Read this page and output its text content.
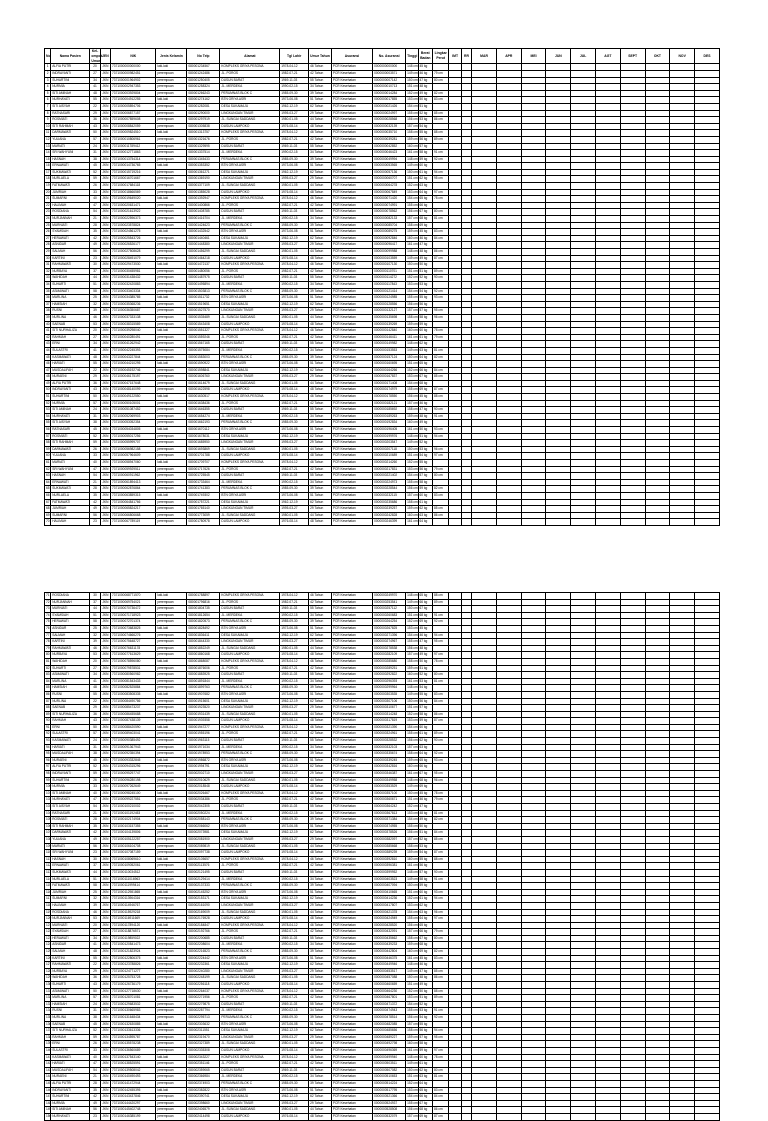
No	Nama Pasien	Kelompok Umur	JEN	NIK	Jenis Kelamin	No Telp	Alamat	Tgl Lahir	Umur Tahun	Asuransi	No. Asuransi	Tinggi	Berat Badan	Lingkar Perut	IMT	RR	MAR	APR	MEI	JUN	JUL	AGT	SEPT	OKT	NOV	DES
1	ALFIA PUTRI	20	JKN	7371000000000000	laki-laki	080001234567	KOMPLEKS GRIYA PESONA	1978-04-12	46 Tahun	PCR Kesehatan	0000000000000	148 cm	45 kg													
2	INDRAYANTI	27	JKN	7371000000982451	perempuan	080001242486	JL. POROS	1982-07-21	42 Tahun	PCR Kesehatan	0000000003571	149 cm	46 kg	79 cm												
3	SUHARTINI	34	JKN	7371000001964902	perempuan	080001250405	DUSUN BARAT	1969-11-03	55 Tahun	PCR Kesehatan	0000000007142	150 cm	47 kg	80 cm												
4	NURMIA	41	JKN	7371000002947353	perempuan	080001258324	JL. MERDEKA	1990-02-15	34 Tahun	PCR Kesehatan	0000000010713	151 cm	48 kg													
5	SITI AMINAH	48	JKN	7371000003929804	perempuan	080001266243	PERUMNAS BLOK C	1985-09-30	39 Tahun	PCR Kesehatan	0000000014284	152 cm	49 kg	82 cm												
6	NURHAYATI	55	JKN	7371000004912255	laki-laki	080001274162	BTN GRIYA ASRI	1973-06-08	51 Tahun	PCR Kesehatan	0000000017855	153 cm	50 kg	83 cm												
7	SITI AISYAH	22	JKN	7371000005894706	perempuan	080001282081	DESA SUKAMAJU	1962-12-19	62 Tahun	PCR Kesehatan	0000000021426	154 cm	51 kg													
8	RATNASARI	29	JKN	7371000006877157	perempuan	080001290000	LINGKUNGAN TIMUR	1995-03-27	29 Tahun	PCR Kesehatan	0000000024997	155 cm	52 kg	85 cm												
9	ROSMIATI	36	JKN	7371000007859608	perempuan	080001297919	JL. SUNGAI SADDANG	1980-01-05	44 Tahun	PCR Kesehatan	0000000028568	156 cm	53 kg	86 cm												
10	SITI RAHMAH	43	JKN	7371000008842059	perempuan	080001305838	DUSUN LAMPOKO	1976-08-14	48 Tahun	PCR Kesehatan	0000000032139	157 cm	54 kg													
11	DARMAWATI	50	JKN	7371000009824510	laki-laki	080001313757	KOMPLEKS GRIYA PESONA	1978-04-12	46 Tahun	PCR Kesehatan	0000000035710	158 cm	55 kg	88 cm												
12	YULIANA	57	JKN	7371000010806961	perempuan	080001321676	JL. POROS	1982-07-21	42 Tahun	PCR Kesehatan	0000000039281	159 cm	56 kg	89 cm												
13	MARIATI	24	JKN	7371000011789412	perempuan	080001329595	DUSUN BARAT	1969-11-03	55 Tahun	PCR Kesehatan	0000000042852	160 cm	57 kg													
14	SRI WAHYUNI	31	JKN	7371000012771863	perempuan	080001337514	JL. MERDEKA	1990-02-15	34 Tahun	PCR Kesehatan	0000000046423	161 cm	58 kg	91 cm												
15	HASNAH	38	JKN	7371000013754314	perempuan	080001345433	PERUMNAS BLOK C	1985-09-30	39 Tahun	PCR Kesehatan	0000000049994	148 cm	59 kg	92 cm												
16	ERNAWATI	45	JKN	7371000014736765	laki-laki	080001353352	BTN GRIYA ASRI	1973-06-08	51 Tahun	PCR Kesehatan	0000000053565	149 cm	60 kg													
17	SUKMAWATI	52	JKN	7371000015719216	perempuan	080001361271	DESA SUKAMAJU	1962-12-19	62 Tahun	PCR Kesehatan	0000000057136	150 cm	61 kg	94 cm												
18	NURLAELA	59	JKN	7371000016701667	perempuan	080001369190	LINGKUNGAN TIMUR	1995-03-27	29 Tahun	PCR Kesehatan	0000000060707	151 cm	62 kg	95 cm												
19	FATMAWATI	26	JKN	7371000017684118	perempuan	080001377109	JL. SUNGAI SADDANG	1980-01-05	44 Tahun	PCR Kesehatan	0000000064278	152 cm	63 kg													
20	JUMRIAH	33	JKN	7371000018666569	perempuan	080001385028	DUSUN LAMPOKO	1976-08-14	48 Tahun	PCR Kesehatan	0000000067849	153 cm	64 kg	97 cm												
21	SUMARNI	40	JKN	7371000019649020	laki-laki	080001392947	KOMPLEKS GRIYA PESONA	1978-04-12	46 Tahun	PCR Kesehatan	0000000071420	154 cm	65 kg	78 cm												
22	HALIMAH	47	JKN	7371000020631471	perempuan	080001400866	JL. POROS	1982-07-21	42 Tahun	PCR Kesehatan	0000000074991	155 cm	66 kg													
23	ROSDIANA	54	JKN	7371000021613922	perempuan	080001408785	DUSUN BARAT	1969-11-03	55 Tahun	PCR Kesehatan	0000000078562	156 cm	67 kg	80 cm												
24	NURJANNAH	21	JKN	7371000022596373	perempuan	080001416704	JL. MERDEKA	1990-02-15	34 Tahun	PCR Kesehatan	0000000082133	157 cm	68 kg	81 cm												
25	MURNIATI	28	JKN	7371000023578824	perempuan	080001424623	PERUMNAS BLOK C	1985-09-30	39 Tahun	PCR Kesehatan	0000000085704	158 cm	69 kg													
26	SYAMSIAH	35	JKN	7371000024561275	laki-laki	080001432542	BTN GRIYA ASRI	1973-06-08	51 Tahun	PCR Kesehatan	0000000089275	159 cm	45 kg	83 cm												
27	HERAWATI	42	JKN	7371000025543726	perempuan	080001440461	DESA SUKAMAJU	1962-12-19	62 Tahun	PCR Kesehatan	0000000092846	160 cm	46 kg	84 cm												
28	ASNIDAR	49	JKN	7371000026526177	perempuan	080001448380	LINGKUNGAN TIMUR	1995-03-27	29 Tahun	PCR Kesehatan	0000000096417	161 cm	47 kg													
29	SALMAH	56	JKN	7371000027508628	perempuan	080001456299	JL. SUNGAI SADDANG	1980-01-05	44 Tahun	PCR Kesehatan	0000000099988	148 cm	48 kg	86 cm												
30	KARTINI	23	JKN	7371000028491079	perempuan	080001464218	DUSUN LAMPOKO	1976-08-14	48 Tahun	PCR Kesehatan	0000000103559	149 cm	49 kg	87 cm												
31	RAHMAWATI	30	JKN	7371000029473530	laki-laki	080001472137	KOMPLEKS GRIYA PESONA	1978-04-12	46 Tahun	PCR Kesehatan	0000000107130	150 cm	50 kg													
32	NURBAYA	37	JKN	7371000030455981	perempuan	080001480056	JL. POROS	1982-07-21	42 Tahun	PCR Kesehatan	0000000110701	151 cm	51 kg	89 cm												
33	WAHIDAH	44	JKN	7371000031438432	perempuan	080001487975	DUSUN BARAT	1969-11-03	55 Tahun	PCR Kesehatan	0000000114272	152 cm	52 kg	90 cm												
34	SUHARTI	51	JKN	7371000032420883	perempuan	080001495894	JL. MERDEKA	1990-02-15	34 Tahun	PCR Kesehatan	0000000117843	153 cm	53 kg													
35	ASMAWATI	58	JKN	7371000033403334	perempuan	080001503813	PERUMNAS BLOK C	1985-09-30	39 Tahun	PCR Kesehatan	0000000121414	154 cm	54 kg	92 cm												
36	MARLINA	25	JKN	7371000034385785	laki-laki	080001511732	BTN GRIYA ASRI	1973-06-08	51 Tahun	PCR Kesehatan	0000000124985	155 cm	55 kg	93 cm												
37	HAMSIAH	32	JKN	7371000035368236	perempuan	080001519651	DESA SUKAMAJU	1962-12-19	62 Tahun	PCR Kesehatan	0000000128556	156 cm	56 kg													
38	RUSNI	39	JKN	7371000036350687	perempuan	080001527570	LINGKUNGAN TIMUR	1995-03-27	29 Tahun	PCR Kesehatan	0000000132127	157 cm	57 kg	95 cm												
39	NURLINA	46	JKN	7371000037333138	perempuan	080001535489	JL. SUNGAI SADDANG	1980-01-05	44 Tahun	PCR Kesehatan	0000000135698	158 cm	58 kg	96 cm												
40	SAENAB	53	JKN	7371000038315589	perempuan	080001543408	DUSUN LAMPOKO	1976-08-14	48 Tahun	PCR Kesehatan	0000000139269	159 cm	59 kg													
41	SITI NURHALIZA	20	JKN	7371000039298040	laki-laki	080001551327	KOMPLEKS GRIYA PESONA	1978-04-12	46 Tahun	PCR Kesehatan	0000000142840	160 cm	60 kg	78 cm												
42	RAHMAH	27	JKN	7371000040280491	perempuan	080001559246	JL. POROS	1982-07-21	42 Tahun	PCR Kesehatan	0000000146411	161 cm	61 kg	79 cm												
43	ERNI	34	JKN	7371000041262942	perempuan	080001567165	DUSUN BARAT	1969-11-03	55 Tahun	PCR Kesehatan	0000000149982	148 cm	62 kg													
44	SULASTRI	41	JKN	7371000042245393	perempuan	080001575084	JL. MERDEKA	1990-02-15	34 Tahun	PCR Kesehatan	0000000153553	149 cm	63 kg	81 cm												
45	KASMAWATI	48	JKN	7371000043227844	perempuan	080001583003	PERUMNAS BLOK C	1985-09-30	39 Tahun	PCR Kesehatan	0000000157124	150 cm	64 kg	82 cm												
46	HARIATI	55	JKN	7371000044210295	laki-laki	080001590922	BTN GRIYA ASRI	1973-06-08	51 Tahun	PCR Kesehatan	0000000160695	151 cm	65 kg													
47	MUSDALIFAH	22	JKN	7371000045192746	perempuan	080001598841	DESA SUKAMAJU	1962-12-19	62 Tahun	PCR Kesehatan	0000000164266	152 cm	66 kg	84 cm												
48	NURAENI	29	JKN	7371000046175197	perempuan	080001606760	LINGKUNGAN TIMUR	1995-03-27	29 Tahun	PCR Kesehatan	0000000167837	153 cm	67 kg	85 cm												
49	ALFIA PUTRI	36	JKN	7371000047157648	perempuan	080001614679	JL. SUNGAI SADDANG	1980-01-05	44 Tahun	PCR Kesehatan	0000000171408	154 cm	68 kg													
50	INDRAYANTI	43	JKN	7371000048140099	perempuan	080001622598	DUSUN LAMPOKO	1976-08-14	48 Tahun	PCR Kesehatan	0000000174979	155 cm	69 kg	87 cm												
51	SUHARTINI	50	JKN	7371000049122550	laki-laki	080001630517	KOMPLEKS GRIYA PESONA	1978-04-12	46 Tahun	PCR Kesehatan	0000000178550	156 cm	45 kg	88 cm												
52	NURMIA	57	JKN	7371000050105001	perempuan	080001638436	JL. POROS	1982-07-21	42 Tahun	PCR Kesehatan	0000000182121	157 cm	46 kg													
53	SITI AMINAH	24	JKN	7371000051087452	perempuan	080001646355	DUSUN BARAT	1969-11-03	55 Tahun	PCR Kesehatan	0000000185692	158 cm	47 kg	90 cm												
54	NURHAYATI	31	JKN	7371000052069903	perempuan	080001654274	JL. MERDEKA	1990-02-15	34 Tahun	PCR Kesehatan	0000000189263	159 cm	48 kg	91 cm												
55	SITI AISYAH	38	JKN	7371000053052354	perempuan	080001662193	PERUMNAS BLOK C	1985-09-30	39 Tahun	PCR Kesehatan	0000000192834	160 cm	49 kg													
56	RATNASARI	45	JKN	7371000054034805	laki-laki	080001670112	BTN GRIYA ASRI	1973-06-08	51 Tahun	PCR Kesehatan	0000000196405	161 cm	50 kg	93 cm												
57	ROSMIATI	52	JKN	7371000055017256	perempuan	080001678031	DESA SUKAMAJU	1962-12-19	62 Tahun	PCR Kesehatan	0000000199976	148 cm	51 kg	94 cm												
58	SITI RAHMAH	59	JKN	7371000055999707	perempuan	080001685950	LINGKUNGAN TIMUR	1995-03-27	29 Tahun	PCR Kesehatan	0000000203547	149 cm	52 kg													
59	DARMAWATI	26	JKN	7371000056982158	perempuan	080001693869	JL. SUNGAI SADDANG	1980-01-05	44 Tahun	PCR Kesehatan	0000000207118	150 cm	53 kg	96 cm												
60	YULIANA	33	JKN	7371000057964609	perempuan	080001701788	DUSUN LAMPOKO	1976-08-14	48 Tahun	PCR Kesehatan	0000000210689	151 cm	54 kg	97 cm												
61	MARIATI	40	JKN	7371000058947060	laki-laki	080001709707	KOMPLEKS GRIYA PESONA	1978-04-12	46 Tahun	PCR Kesehatan	0000000214260	152 cm	55 kg													
62	SRI WAHYUNI	47	JKN	7371000059929511	perempuan	080001717626	JL. POROS	1982-07-21	42 Tahun	PCR Kesehatan	0000000217831	153 cm	56 kg	79 cm												
63	HASNAH	54	JKN	7371000060911962	perempuan	080001725545	DUSUN BARAT	1969-11-03	55 Tahun	PCR Kesehatan	0000000221402	154 cm	57 kg	80 cm												
64	ERNAWATI	21	JKN	7371000061894413	perempuan	080001733464	JL. MERDEKA	1990-02-15	34 Tahun	PCR Kesehatan	0000000224973	155 cm	58 kg													
65	SUKMAWATI	28	JKN	7371000062876864	perempuan	080001741383	PERUMNAS BLOK C	1985-09-30	39 Tahun	PCR Kesehatan	0000000228544	156 cm	59 kg	82 cm												
66	NURLAELA	35	JKN	7371000063859315	laki-laki	080001749302	BTN GRIYA ASRI	1973-06-08	51 Tahun	PCR Kesehatan	0000000232115	157 cm	60 kg	83 cm												
67	FATMAWATI	42	JKN	7371000064841766	perempuan	080001757221	DESA SUKAMAJU	1962-12-19	62 Tahun	PCR Kesehatan	0000000235686	158 cm	61 kg													
68	JUMRIAH	49	JKN	7371000065824217	perempuan	080001765140	LINGKUNGAN TIMUR	1995-03-27	29 Tahun	PCR Kesehatan	0000000239257	159 cm	62 kg	85 cm												
69	SUMARNI	56	JKN	7371000066806668	perempuan	080001773059	JL. SUNGAI SADDANG	1980-01-05	44 Tahun	PCR Kesehatan	0000000242828	160 cm	63 kg	86 cm												
70	HALIMAH	23	JKN	7371000067789119	perempuan	080001780978	DUSUN LAMPOKO	1976-08-14	48 Tahun	PCR Kesehatan	0000000246399	161 cm	64 kg													
71	ROSDIANA	30	JKN	7371000068771570	laki-laki	080001788897	KOMPLEKS GRIYA PESONA	1978-04-12	46 Tahun	PCR Kesehatan	0000000249970	148 cm	65 kg	88 cm												
72	NURJANNAH	37	JKN	7371000069754021	perempuan	080001796816	JL. POROS	1982-07-21	42 Tahun	PCR Kesehatan	0000000253541	149 cm	66 kg	89 cm												
73	MURNIATI	44	JKN	7371000070736472	perempuan	080001804735	DUSUN BARAT	1969-11-03	55 Tahun	PCR Kesehatan	0000000257112	150 cm	67 kg													
74	SYAMSIAH	51	JKN	7371000071718923	perempuan	080001812654	JL. MERDEKA	1990-02-15	34 Tahun	PCR Kesehatan	0000000260683	151 cm	68 kg	91 cm												
75	HERAWATI	58	JKN	7371000072701374	perempuan	080001820573	PERUMNAS BLOK C	1985-09-30	39 Tahun	PCR Kesehatan	0000000264254	152 cm	69 kg	92 cm												
76	ASNIDAR	25	JKN	7371000073683825	laki-laki	080001828492	BTN GRIYA ASRI	1973-06-08	51 Tahun	PCR Kesehatan	0000000267825	153 cm	45 kg													
77	SALMAH	32	JKN	7371000074666276	perempuan	080001836411	DESA SUKAMAJU	1962-12-19	62 Tahun	PCR Kesehatan	0000000271396	154 cm	46 kg	94 cm												
78	KARTINI	39	JKN	7371000075648727	perempuan	080001844330	LINGKUNGAN TIMUR	1995-03-27	29 Tahun	PCR Kesehatan	0000000274967	155 cm	47 kg	95 cm												
79	RAHMAWATI	46	JKN	7371000076631178	perempuan	080001852249	JL. SUNGAI SADDANG	1980-01-05	44 Tahun	PCR Kesehatan	0000000278538	156 cm	48 kg													
80	NURBAYA	53	JKN	7371000077613629	perempuan	080001860168	DUSUN LAMPOKO	1976-08-14	48 Tahun	PCR Kesehatan	0000000282109	157 cm	49 kg	97 cm												
81	WAHIDAH	20	JKN	7371000078596080	laki-laki	080001868087	KOMPLEKS GRIYA PESONA	1978-04-12	46 Tahun	PCR Kesehatan	0000000285680	158 cm	50 kg	78 cm												
82	SUHARTI	27	JKN	7371000079578531	perempuan	080001876006	JL. POROS	1982-07-21	42 Tahun	PCR Kesehatan	0000000289251	159 cm	51 kg													
83	ASMAWATI	34	JKN	7371000080560982	perempuan	080001883925	DUSUN BARAT	1969-11-03	55 Tahun	PCR Kesehatan	0000000292822	160 cm	52 kg	80 cm												
84	MARLINA	41	JKN	7371000081543433	perempuan	080001891844	JL. MERDEKA	1990-02-15	34 Tahun	PCR Kesehatan	0000000296393	161 cm	53 kg	81 cm												
85	HAMSIAH	48	JKN	7371000082525884	perempuan	080001899763	PERUMNAS BLOK C	1985-09-30	39 Tahun	PCR Kesehatan	0000000299964	148 cm	54 kg													
86	RUSNI	55	JKN	7371000083508335	laki-laki	080001907682	BTN GRIYA ASRI	1973-06-08	51 Tahun	PCR Kesehatan	0000000303535	149 cm	55 kg	83 cm												
87	NURLINA	22	JKN	7371000084490786	perempuan	080001915601	DESA SUKAMAJU	1962-12-19	62 Tahun	PCR Kesehatan	0000000307106	150 cm	56 kg	84 cm												
88	SAENAB	29	JKN	7371000085473237	perempuan	080001923520	LINGKUNGAN TIMUR	1995-03-27	29 Tahun	PCR Kesehatan	0000000310677	151 cm	57 kg													
89	SITI NURHALIZA	36	JKN	7371000086455688	perempuan	080001931439	JL. SUNGAI SADDANG	1980-01-05	44 Tahun	PCR Kesehatan	0000000314248	152 cm	58 kg	86 cm												
90	RAHMAH	43	JKN	7371000087438139	perempuan	080001939358	DUSUN LAMPOKO	1976-08-14	48 Tahun	PCR Kesehatan	0000000317819	153 cm	59 kg	87 cm												
91	ERNI	50	JKN	7371000088420590	laki-laki	080001947277	KOMPLEKS GRIYA PESONA	1978-04-12	46 Tahun	PCR Kesehatan	0000000321390	154 cm	60 kg													
92	SULASTRI	57	JKN	7371000089403041	perempuan	080001955196	JL. POROS	1982-07-21	42 Tahun	PCR Kesehatan	0000000324961	155 cm	61 kg	89 cm												
93	KASMAWATI	24	JKN	7371000090385492	perempuan	080001963115	DUSUN BARAT	1969-11-03	55 Tahun	PCR Kesehatan	0000000328532	156 cm	62 kg	90 cm												
94	HARIATI	31	JKN	7371000091367943	perempuan	080001971034	JL. MERDEKA	1990-02-15	34 Tahun	PCR Kesehatan	0000000332103	157 cm	63 kg													
95	MUSDALIFAH	38	JKN	7371000092350394	perempuan	080001978953	PERUMNAS BLOK C	1985-09-30	39 Tahun	PCR Kesehatan	0000000335674	158 cm	64 kg	92 cm												
96	NURAENI	45	JKN	7371000093332845	laki-laki	080001986872	BTN GRIYA ASRI	1973-06-08	51 Tahun	PCR Kesehatan	0000000339245	159 cm	65 kg	93 cm												
97	ALFIA PUTRI	52	JKN	7371000094315296	perempuan	080001994791	DESA SUKAMAJU	1962-12-19	62 Tahun	PCR Kesehatan	0000000342816	160 cm	66 kg													
98	INDRAYANTI	59	JKN	7371000095297747	perempuan	080002002710	LINGKUNGAN TIMUR	1995-03-27	29 Tahun	PCR Kesehatan	0000000346387	161 cm	67 kg	95 cm												
99	SUHARTINI	26	JKN	7371000096280198	perempuan	080002010629	JL. SUNGAI SADDANG	1980-01-05	44 Tahun	PCR Kesehatan	0000000349958	148 cm	68 kg	96 cm												
100	NURMIA	33	JKN	7371000097262649	perempuan	080002018548	DUSUN LAMPOKO	1976-08-14	48 Tahun	PCR Kesehatan	0000000353529	149 cm	69 kg													
101	SITI AMINAH	40	JKN	7371000098245100	laki-laki	080002026467	KOMPLEKS GRIYA PESONA	1978-04-12	46 Tahun	PCR Kesehatan	0000000357100	150 cm	45 kg	78 cm												
102	NURHAYATI	47	JKN	7371000099227551	perempuan	080002034386	JL. POROS	1982-07-21	42 Tahun	PCR Kesehatan	0000000360671	151 cm	46 kg	79 cm												
103	SITI AISYAH	54	JKN	7371000100210002	perempuan	080002042305	DUSUN BARAT	1969-11-03	55 Tahun	PCR Kesehatan	0000000364242	152 cm	47 kg													
104	RATNASARI	21	JKN	7371000101192453	perempuan	080002050224	JL. MERDEKA	1990-02-15	34 Tahun	PCR Kesehatan	0000000367813	153 cm	48 kg	81 cm												
105	ROSMIATI	28	JKN	7371000102174904	perempuan	080002058143	PERUMNAS BLOK C	1985-09-30	39 Tahun	PCR Kesehatan	0000000371384	154 cm	49 kg	82 cm												
106	SITI RAHMAH	35	JKN	7371000103157355	laki-laki	080002066062	BTN GRIYA ASRI	1973-06-08	51 Tahun	PCR Kesehatan	0000000374955	155 cm	50 kg													
107	DARMAWATI	42	JKN	7371000104139806	perempuan	080002073981	DESA SUKAMAJU	1962-12-19	62 Tahun	PCR Kesehatan	0000000378526	156 cm	51 kg	84 cm												
108	YULIANA	49	JKN	7371000105122257	perempuan	080002081900	LINGKUNGAN TIMUR	1995-03-27	29 Tahun	PCR Kesehatan	0000000382097	157 cm	52 kg	85 cm												
109	MARIATI	56	JKN	7371000106104708	perempuan	080002089819	JL. SUNGAI SADDANG	1980-01-05	44 Tahun	PCR Kesehatan	0000000385668	158 cm	53 kg													
110	SRI WAHYUNI	23	JKN	7371000107087159	perempuan	080002097738	DUSUN LAMPOKO	1976-08-14	48 Tahun	PCR Kesehatan	0000000389239	159 cm	54 kg	87 cm												
111	HASNAH	30	JKN	7371000108069610	laki-laki	080002105657	KOMPLEKS GRIYA PESONA	1978-04-12	46 Tahun	PCR Kesehatan	0000000392810	160 cm	55 kg	88 cm												
112	ERNAWATI	37	JKN	7371000109052061	perempuan	080002113576	JL. POROS	1982-07-21	42 Tahun	PCR Kesehatan	0000000396381	161 cm	56 kg													
113	SUKMAWATI	44	JKN	7371000110034512	perempuan	080002121495	DUSUN BARAT	1969-11-03	55 Tahun	PCR Kesehatan	0000000399952	148 cm	57 kg	90 cm												
114	NURLAELA	51	JKN	7371000111016963	perempuan	080002129414	JL. MERDEKA	1990-02-15	34 Tahun	PCR Kesehatan	0000000403523	149 cm	58 kg	91 cm												
115	FATMAWATI	58	JKN	7371000111999414	perempuan	080002137333	PERUMNAS BLOK C	1985-09-30	39 Tahun	PCR Kesehatan	0000000407094	150 cm	59 kg													
116	JUMRIAH	25	JKN	7371000112981865	laki-laki	080002145252	BTN GRIYA ASRI	1973-06-08	51 Tahun	PCR Kesehatan	0000000410665	151 cm	60 kg	93 cm												
117	SUMARNI	32	JKN	7371000113964316	perempuan	080002153171	DESA SUKAMAJU	1962-12-19	62 Tahun	PCR Kesehatan	0000000414236	152 cm	61 kg	94 cm												
118	HALIMAH	39	JKN	7371000114946767	perempuan	080002161090	LINGKUNGAN TIMUR	1995-03-27	29 Tahun	PCR Kesehatan	0000000417807	153 cm	62 kg													
119	ROSDIANA	46	JKN	7371000115929218	perempuan	080002169009	JL. SUNGAI SADDANG	1980-01-05	44 Tahun	PCR Kesehatan	0000000421378	154 cm	63 kg	96 cm												
120	NURJANNAH	53	JKN	7371000116911669	perempuan	080002176928	DUSUN LAMPOKO	1976-08-14	48 Tahun	PCR Kesehatan	0000000424949	155 cm	64 kg	97 cm												
121	MURNIATI	20	JKN	7371000117894120	laki-laki	080002184847	KOMPLEKS GRIYA PESONA	1978-04-12	46 Tahun	PCR Kesehatan	0000000428520	156 cm	65 kg													
122	SYAMSIAH	27	JKN	7371000118876571	perempuan	080002192766	JL. POROS	1982-07-21	42 Tahun	PCR Kesehatan	0000000432091	157 cm	66 kg	79 cm												
123	HERAWATI	34	JKN	7371000119859022	perempuan	080002200685	DUSUN BARAT	1969-11-03	55 Tahun	PCR Kesehatan	0000000435662	158 cm	67 kg	80 cm												
124	ASNIDAR	41	JKN	7371000120841473	perempuan	080002208604	JL. MERDEKA	1990-02-15	34 Tahun	PCR Kesehatan	0000000439233	159 cm	68 kg													
125	SALMAH	48	JKN	7371000121823924	perempuan	080002216523	PERUMNAS BLOK C	1985-09-30	39 Tahun	PCR Kesehatan	0000000442804	160 cm	69 kg	82 cm												
126	KARTINI	55	JKN	7371000122806375	laki-laki	080002224442	BTN GRIYA ASRI	1973-06-08	51 Tahun	PCR Kesehatan	0000000446375	161 cm	45 kg	83 cm												
127	RAHMAWATI	22	JKN	7371000123788826	perempuan	080002232361	DESA SUKAMAJU	1962-12-19	62 Tahun	PCR Kesehatan	0000000449946	148 cm	46 kg													
128	NURBAYA	29	JKN	7371000124771277	perempuan	080002240280	LINGKUNGAN TIMUR	1995-03-27	29 Tahun	PCR Kesehatan	0000000453517	149 cm	47 kg	85 cm												
129	WAHIDAH	36	JKN	7371000125753728	perempuan	080002248199	JL. SUNGAI SADDANG	1980-01-05	44 Tahun	PCR Kesehatan	0000000457088	150 cm	48 kg	86 cm												
130	SUHARTI	43	JKN	7371000126736179	perempuan	080002256118	DUSUN LAMPOKO	1976-08-14	48 Tahun	PCR Kesehatan	0000000460659	151 cm	49 kg													
131	ASMAWATI	50	JKN	7371000127718630	laki-laki	080002264037	KOMPLEKS GRIYA PESONA	1978-04-12	46 Tahun	PCR Kesehatan	0000000464230	152 cm	50 kg	88 cm												
132	MARLINA	57	JKN	7371000128701081	perempuan	080002271956	JL. POROS	1982-07-21	42 Tahun	PCR Kesehatan	0000000467801	153 cm	51 kg	89 cm												
133	HAMSIAH	24	JKN	7371000129683532	perempuan	080002279875	DUSUN BARAT	1969-11-03	55 Tahun	PCR Kesehatan	0000000471372	154 cm	52 kg													
134	RUSNI	31	JKN	7371000130665983	perempuan	080002287794	JL. MERDEKA	1990-02-15	34 Tahun	PCR Kesehatan	0000000474943	155 cm	53 kg	91 cm												
135	NURLINA	38	JKN	7371000131648434	perempuan	080002295713	PERUMNAS BLOK C	1985-09-30	39 Tahun	PCR Kesehatan	0000000478514	156 cm	54 kg	92 cm												
136	SAENAB	45	JKN	7371000132630885	laki-laki	080002303632	BTN GRIYA ASRI	1973-06-08	51 Tahun	PCR Kesehatan	0000000482085	157 cm	55 kg													
137	SITI NURHALIZA	52	JKN	7371000133613336	perempuan	080002311551	DESA SUKAMAJU	1962-12-19	62 Tahun	PCR Kesehatan	0000000485656	158 cm	56 kg	94 cm												
138	RAHMAH	59	JKN	7371000134595787	perempuan	080002319470	LINGKUNGAN TIMUR	1995-03-27	29 Tahun	PCR Kesehatan	0000000489227	159 cm	57 kg	95 cm												
139	ERNI	26	JKN	7371000135578238	perempuan	080002327389	JL. SUNGAI SADDANG	1980-01-05	44 Tahun	PCR Kesehatan	0000000492798	160 cm	58 kg													
140	SULASTRI	33	JKN	7371000136560689	perempuan	080002335308	DUSUN LAMPOKO	1976-08-14	48 Tahun	PCR Kesehatan	0000000496369	161 cm	59 kg	97 cm												
141	KASMAWATI	40	JKN	7371000137543140	laki-laki	080002343227	KOMPLEKS GRIYA PESONA	1978-04-12	46 Tahun	PCR Kesehatan	0000000499940	148 cm	60 kg	78 cm												
142	HARIATI	47	JKN	7371000138525591	perempuan	080002351146	JL. POROS	1982-07-21	42 Tahun	PCR Kesehatan	0000000503511	149 cm	61 kg													
143	MUSDALIFAH	54	JKN	7371000139508042	perempuan	080002359065	DUSUN BARAT	1969-11-03	55 Tahun	PCR Kesehatan	0000000507082	150 cm	62 kg	80 cm												
144	NURAENI	21	JKN	7371000140490493	perempuan	080002366984	JL. MERDEKA	1990-02-15	34 Tahun	PCR Kesehatan	0000000510653	151 cm	63 kg	81 cm												
145	ALFIA PUTRI	28	JKN	7371000141472944	perempuan	080002374903	PERUMNAS BLOK C	1985-09-30	39 Tahun	PCR Kesehatan	0000000514224	152 cm	64 kg													
146	INDRAYANTI	35	JKN	7371000142455395	laki-laki	080002382822	BTN GRIYA ASRI	1973-06-08	51 Tahun	PCR Kesehatan	0000000517795	153 cm	65 kg	83 cm												
147	SUHARTINI	42	JKN	7371000143437846	perempuan	080002390741	DESA SUKAMAJU	1962-12-19	62 Tahun	PCR Kesehatan	0000000521366	154 cm	66 kg	84 cm												
148	NURMIA	49	JKN	7371000144420297	perempuan	080002398660	LINGKUNGAN TIMUR	1995-03-27	29 Tahun	PCR Kesehatan	0000000524937	155 cm	67 kg													
149	SITI AMINAH	56	JKN	7371000145402748	perempuan	080002406579	JL. SUNGAI SADDANG	1980-01-05	44 Tahun	PCR Kesehatan	0000000528508	156 cm	68 kg	86 cm												
150	NURHAYATI	23	JKN	7371000146385199	perempuan	080002414498	DUSUN LAMPOKO	1976-08-14	48 Tahun	PCR Kesehatan	0000000532079	157 cm	69 kg	87 cm												
